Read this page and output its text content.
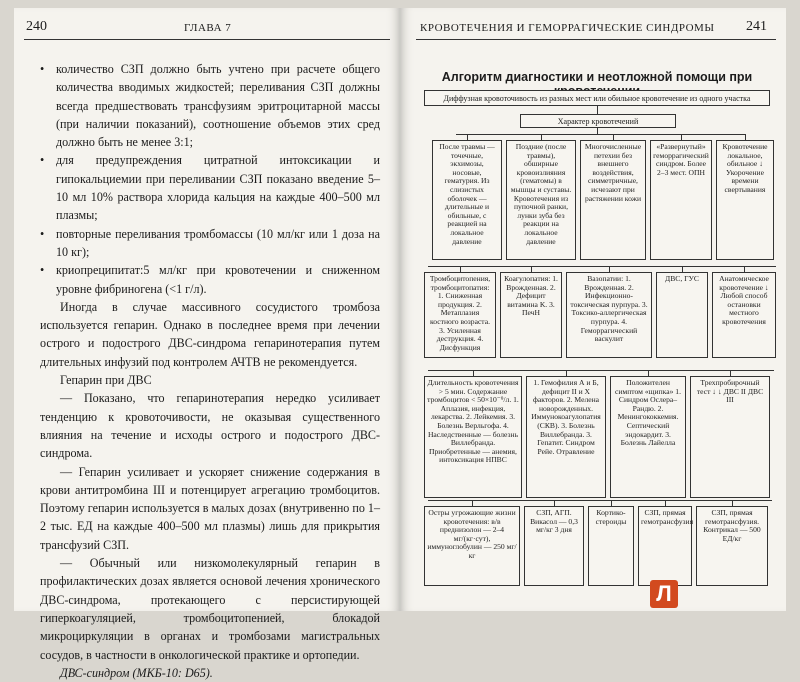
240	ГЛАВА 7

• количество СЗП должно быть учтено при расчете общего количества вводимых жидкостей; переливания СЗП должны всегда предшествовать трансфузиям эритроцитарной массы (при наличии показаний), соотношение объемов этих сред должно быть не менее 3:1;

• для предупреждения цитратной интоксикации и гипокальциемии при переливании СЗП показано введение 5–10 мл 10% раствора хлорида кальция на каждые 400–500 мл плазмы;

• повторные переливания тромбомассы (10 мл/кг или 1 доза на 10 кг);

• криопреципитат:5 мл/кг при кровотечении и сниженном уровне фибриногена (<1 г/л).

Иногда в случае массивного сосудистого тромбоза используется гепарин. Однако в последнее время при лечении острого и подострого ДВС-синдрома гепаринотерапия путем длительных инфузий под контролем АЧТВ не рекомендуется.

Гепарин при ДВС

— Показано, что гепаринотерапия нередко усиливает тенденцию к кровоточивости, не оказывая существенного влияния на течение и исходы острого и подострого ДВС-синдрома.

— Гепарин усиливает и ускоряет снижение содержания в крови антитромбина III и потенцирует агрегацию тромбоцитов. Поэтому гепарин используется в малых дозах (внутривенно по 1–2 тыс. ЕД на каждые 400–500 мл плазмы) лишь для прикрытия трансфузий СЗП.

— Обычный или низкомолекулярный гепарин в профилактических дозах является основой лечения хронического ДВС-синдрома, протекающего с персистирующей гиперкоагуляцией, тромбоцитопенией, блокадой микроциркуляции в органах и тромбозами магистральных сосудов, в частности в онкологической практике и ортопедии.

ДВС-синдром (МКБ-10: D65).

КРОВОТЕЧЕНИЯ И ГЕМОРРАГИЧЕСКИЕ СИНДРОМЫ 241
Алгоритм диагностики и неотложной помощи при
Диффузная кровоточивость из разных мест или обильное кровотечение из одного участка
Характер кровотечений
После травмы — точечные, экхимозы, носовые, гематурия. Из слизистых оболочек — длительные и обильные, с реакцией на локальное давление
Поздние (после травмы), обширные кровоизлияния (гематомы) в мышцы и суставы. Кровотечения из пупочной ранки, лунки зуба без реакции на локальное давление
Многочисленные петехии без внешнего воздействия, симметричные, исчезают при растяжении кожи
«Развернутый» геморрагический синдром. Более 2–3 мест. ОПН
Кровотечение локальное, обильное ↓ Укорочение времени свертывания
Тромбоцитопения, тромбоцитопатия: 1. Сниженная продукция. 2. Метаплазия костного возраста. 3. Усиленная деструкция. 4. Дисфункция
Коагулопатия: 1. Врожденная. 2. Дефицит витамина K. 3. ПечН
Вазопатии: 1. Врожденная. 2. Инфекционно-токсическая пурпура. 3. Токсико-аллергическая пурпура. 4. Геморрагический васкулит
ДВС, ГУС	Анатомическое кровотечение ↓ Любой способ остановки местного кровотечения
Длительность кровотечения > 5 мин. Содержание тромбоцитов < 50×10⁻⁹/л. 1. Аплазия, инфекция, лекарства. 2. Лейкемия. 3. Болезнь Верльгофа. 4. Наследственные — болезнь Виллебранда. Приобретенные — анемия, интоксикация НПВС
1. Гемофилия А и Б, дефицит II и X факторов. 2. Мелена новорожденных. Иммунокоагулопатия (СКВ). 3. Болезнь Виллебранда. 3. Гепатит. Синдром Рейе. Отравление
Положителен симптом «щипка» 1. Синдром Ослера–Рандю. 2. Менингококкемия. Септический эндокардит. 3. Болезнь Лайелла
Трехпробирочный тест ↓ ↓ ДВС II ДВС III
Остры угрожающие жизни кровотечения: в/в преднизолон — 2–4 мг/(кг·сут), иммуноглобулин — 250 мг/кг
СЗП, АГП. Викасол — 0,3 мг/кг 3 дня
Кортико-стероиды
СЗП, прямая гемотрансфузия
СЗП, прямая гемотрансфузия. Контрикал — 500 ЕД/кг
Л
